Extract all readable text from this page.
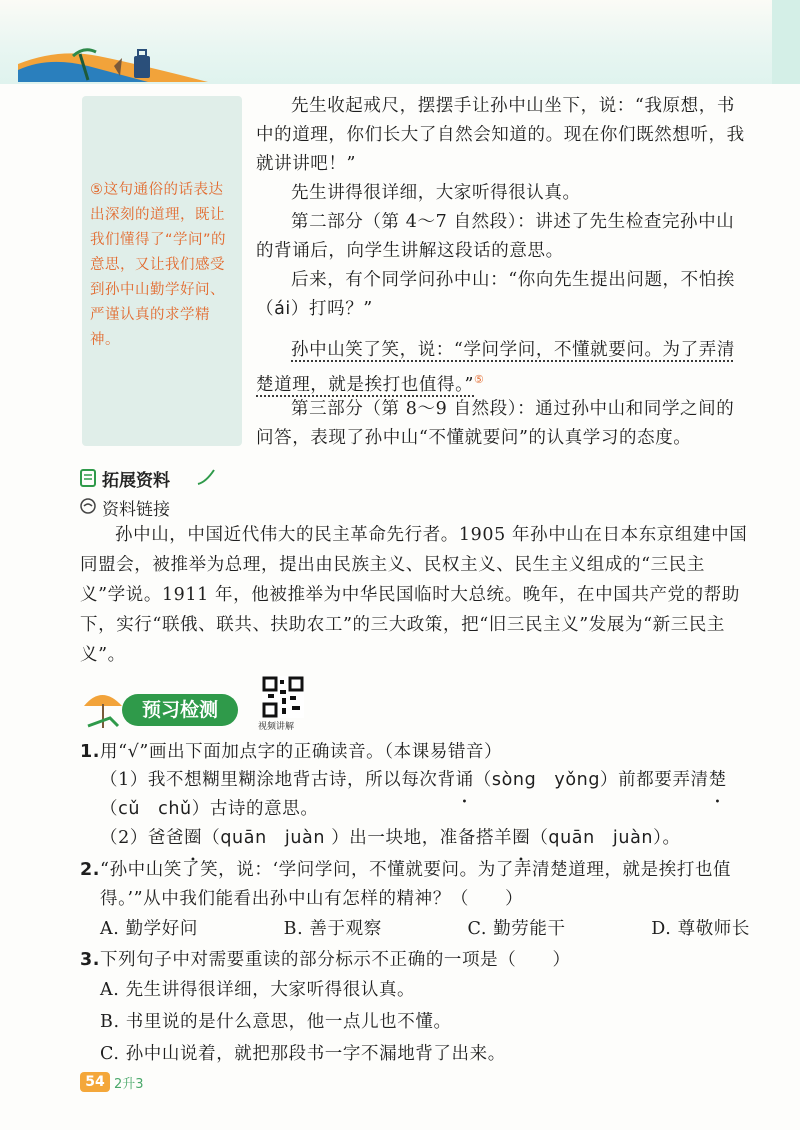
⑤这句通俗的话表达出深刻的道理，既让我们懂得了“学问”的意思，又让我们感受到孙中山勤学好问、严谨认真的求学精神。
先生收起戒尺，摆摆手让孙中山坐下，说：“我原想，书中的道理，你们长大了自然会知道的。现在你们既然想听，我就讲讲吧！”
先生讲得很详细，大家听得很认真。
第二部分（第 4～7 自然段）：讲述了先生检查完孙中山的背诵后，向学生讲解这段话的意思。
后来，有个同学问孙中山：“你向先生提出问题，不怕挨（ái）打吗？”
孙中山笑了笑，说：“学问学问，不懂就要问。为了弄清楚道理，就是挨打也值得。”⑤
第三部分（第 8～9 自然段）：通过孙中山和同学之间的问答，表现了孙中山“不懂就要问”的认真学习的态度。
拓展资料
资料链接
孙中山，中国近代伟大的民主革命先行者。1905 年孙中山在日本东京组建中国同盟会，被推举为总理，提出由民族主义、民权主义、民生主义组成的“三民主义”学说。1911 年，他被推举为中华民国临时大总统。晚年，在中国共产党的帮助下，实行“联俄、联共、扶助农工”的三大政策，把“旧三民主义”发展为“新三民主义”。
预习检测
视频讲解
1.用“√”画出下面加点字的正确读音。（本课易错音）
（1）我不想糊里糊涂地背古诗，所以每次背诵（sòng　yǒng）前都要弄清楚（cǔ　chǔ）古诗的意思。
（2）爸爸圈（quān　juàn ）出一块地，准备搭羊圈（quān　juàn）。
2.“孙中山笑了笑，说：‘学问学问，不懂就要问。为了弄清楚道理，就是挨打也值得。’”从中我们能看出孙中山有怎样的精神？（　　）
A. 勤学好问	B. 善于观察	C. 勤劳能干	D. 尊敬师长
3.下列句子中对需要重读的部分标示不正确的一项是（　　）
A. 先生讲得很详细，大家听得很认真。
B. 书里说的是什么意思，他一点儿也不懂。
C. 孙中山说着，就把那段书一字不漏地背了出来。
54 2升3
